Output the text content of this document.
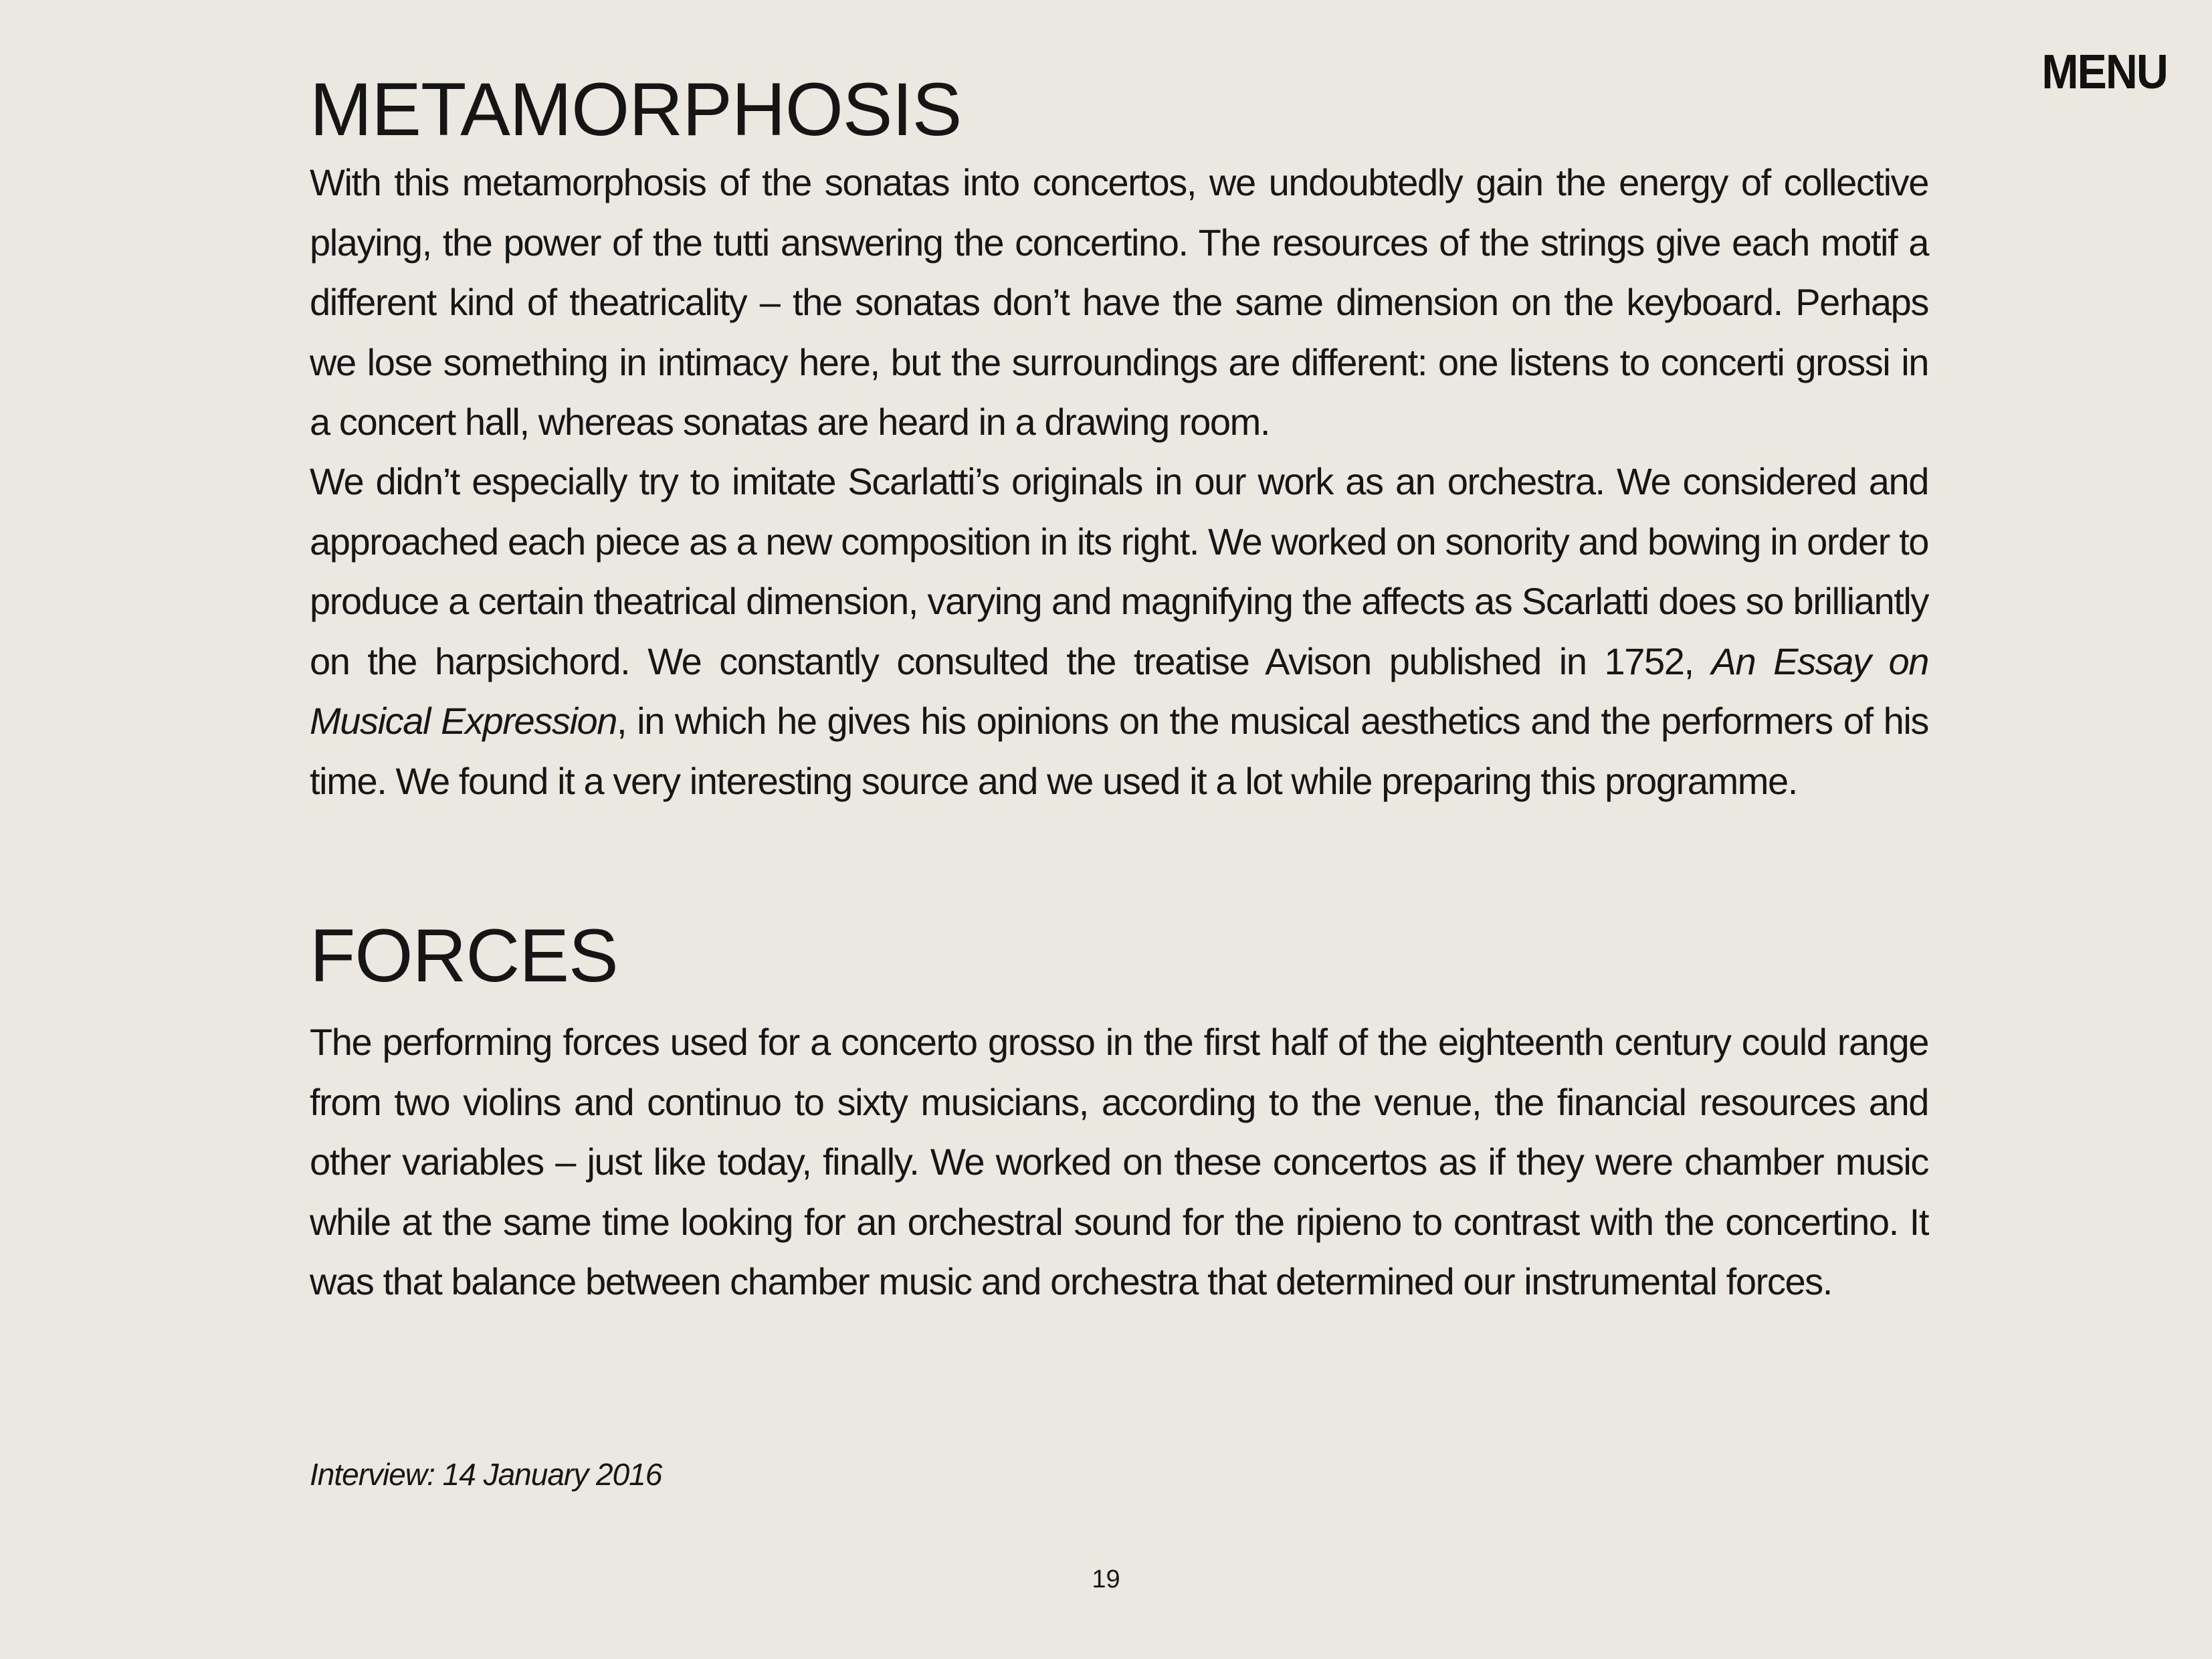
MENU
METAMORPHOSIS

With this metamorphosis of the sonatas into concertos, we undoubtedly gain the energy of collective playing, the power of the tutti answering the concertino. The resources of the strings give each motif a different kind of theatricality – the sonatas don’t have the same dimension on the keyboard. Perhaps we lose something in intimacy here, but the surroundings are different: one listens to concerti grossi in a concert hall, whereas sonatas are heard in a drawing room.

We didn’t especially try to imitate Scarlatti’s originals in our work as an orchestra. We considered and approached each piece as a new composition in its right. We worked on sonority and bowing in order to produce a certain theatrical dimension, varying and magnifying the affects as Scarlatti does so brilliantly on the harpsichord. We constantly consulted the treatise Avison published in 1752, An Essay on Musical Expression, in which he gives his opinions on the musical aesthetics and the performers of his time. We found it a very interesting source and we used it a lot while preparing this programme.

FORCES

The performing forces used for a concerto grosso in the first half of the eighteenth century could range from two violins and continuo to sixty musicians, according to the venue, the financial resources and other variables – just like today, finally. We worked on these concertos as if they were chamber music while at the same time looking for an orchestral sound for the ripieno to contrast with the concertino. It was that balance between chamber music and orchestra that determined our instrumental forces.

Interview: 14 January 2016
19
